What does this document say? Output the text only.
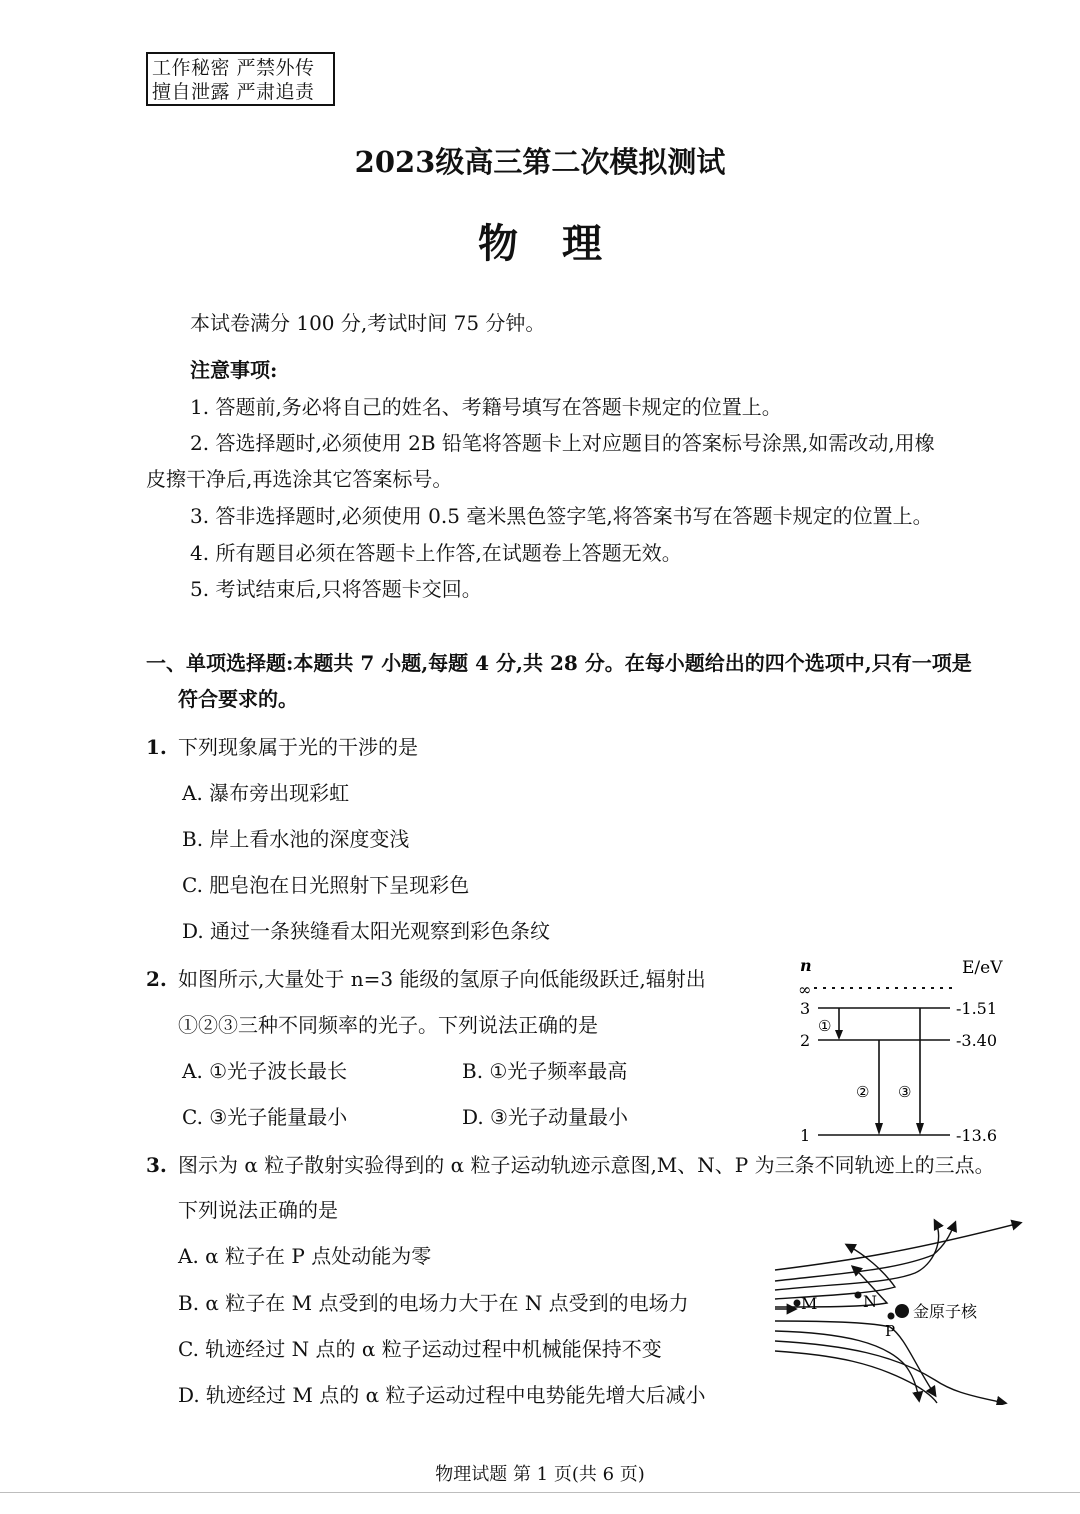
工作秘密 严禁外传
擅自泄露 严肃追责
2023级高三第二次模拟测试
物理
本试卷满分 100 分,考试时间 75 分钟。
注意事项:
1. 答题前,务必将自己的姓名、考籍号填写在答题卡规定的位置上。
2. 答选择题时,必须使用 2B 铅笔将答题卡上对应题目的答案标号涂黑,如需改动,用橡
皮擦干净后,再选涂其它答案标号。
3. 答非选择题时,必须使用 0.5 毫米黑色签字笔,将答案书写在答题卡规定的位置上。
4. 所有题目必须在答题卡上作答,在试题卷上答题无效。
5. 考试结束后,只将答题卡交回。
一、单项选择题:本题共 7 小题,每题 4 分,共 28 分。在每小题给出的四个选项中,只有一项是
符合要求的。
1. 下列现象属于光的干涉的是
A. 瀑布旁出现彩虹
B. 岸上看水池的深度变浅
C. 肥皂泡在日光照射下呈现彩色
D. 通过一条狭缝看太阳光观察到彩色条纹
2. 如图所示,大量处于 n=3 能级的氢原子向低能级跃迁,辐射出
①②③三种不同频率的光子。下列说法正确的是
A. ①光子波长最长	B. ①光子频率最高
C. ③光子能量最小	D. ③光子动量最小
n	E/eV
∞
3	-1.51
2	-3.40
1	-13.6
①
② ③
3. 图示为 α 粒子散射实验得到的 α 粒子运动轨迹示意图,M、N、P 为三条不同轨迹上的三点。
下列说法正确的是
A. α 粒子在 P 点处动能为零
B. α 粒子在 M 点受到的电场力大于在 N 点受到的电场力
C. 轨迹经过 N 点的 α 粒子运动过程中机械能保持不变
D. 轨迹经过 M 点的 α 粒子运动过程中电势能先增大后减小
M	N
P
金原子核
物理试题 第 1 页(共 6 页)
